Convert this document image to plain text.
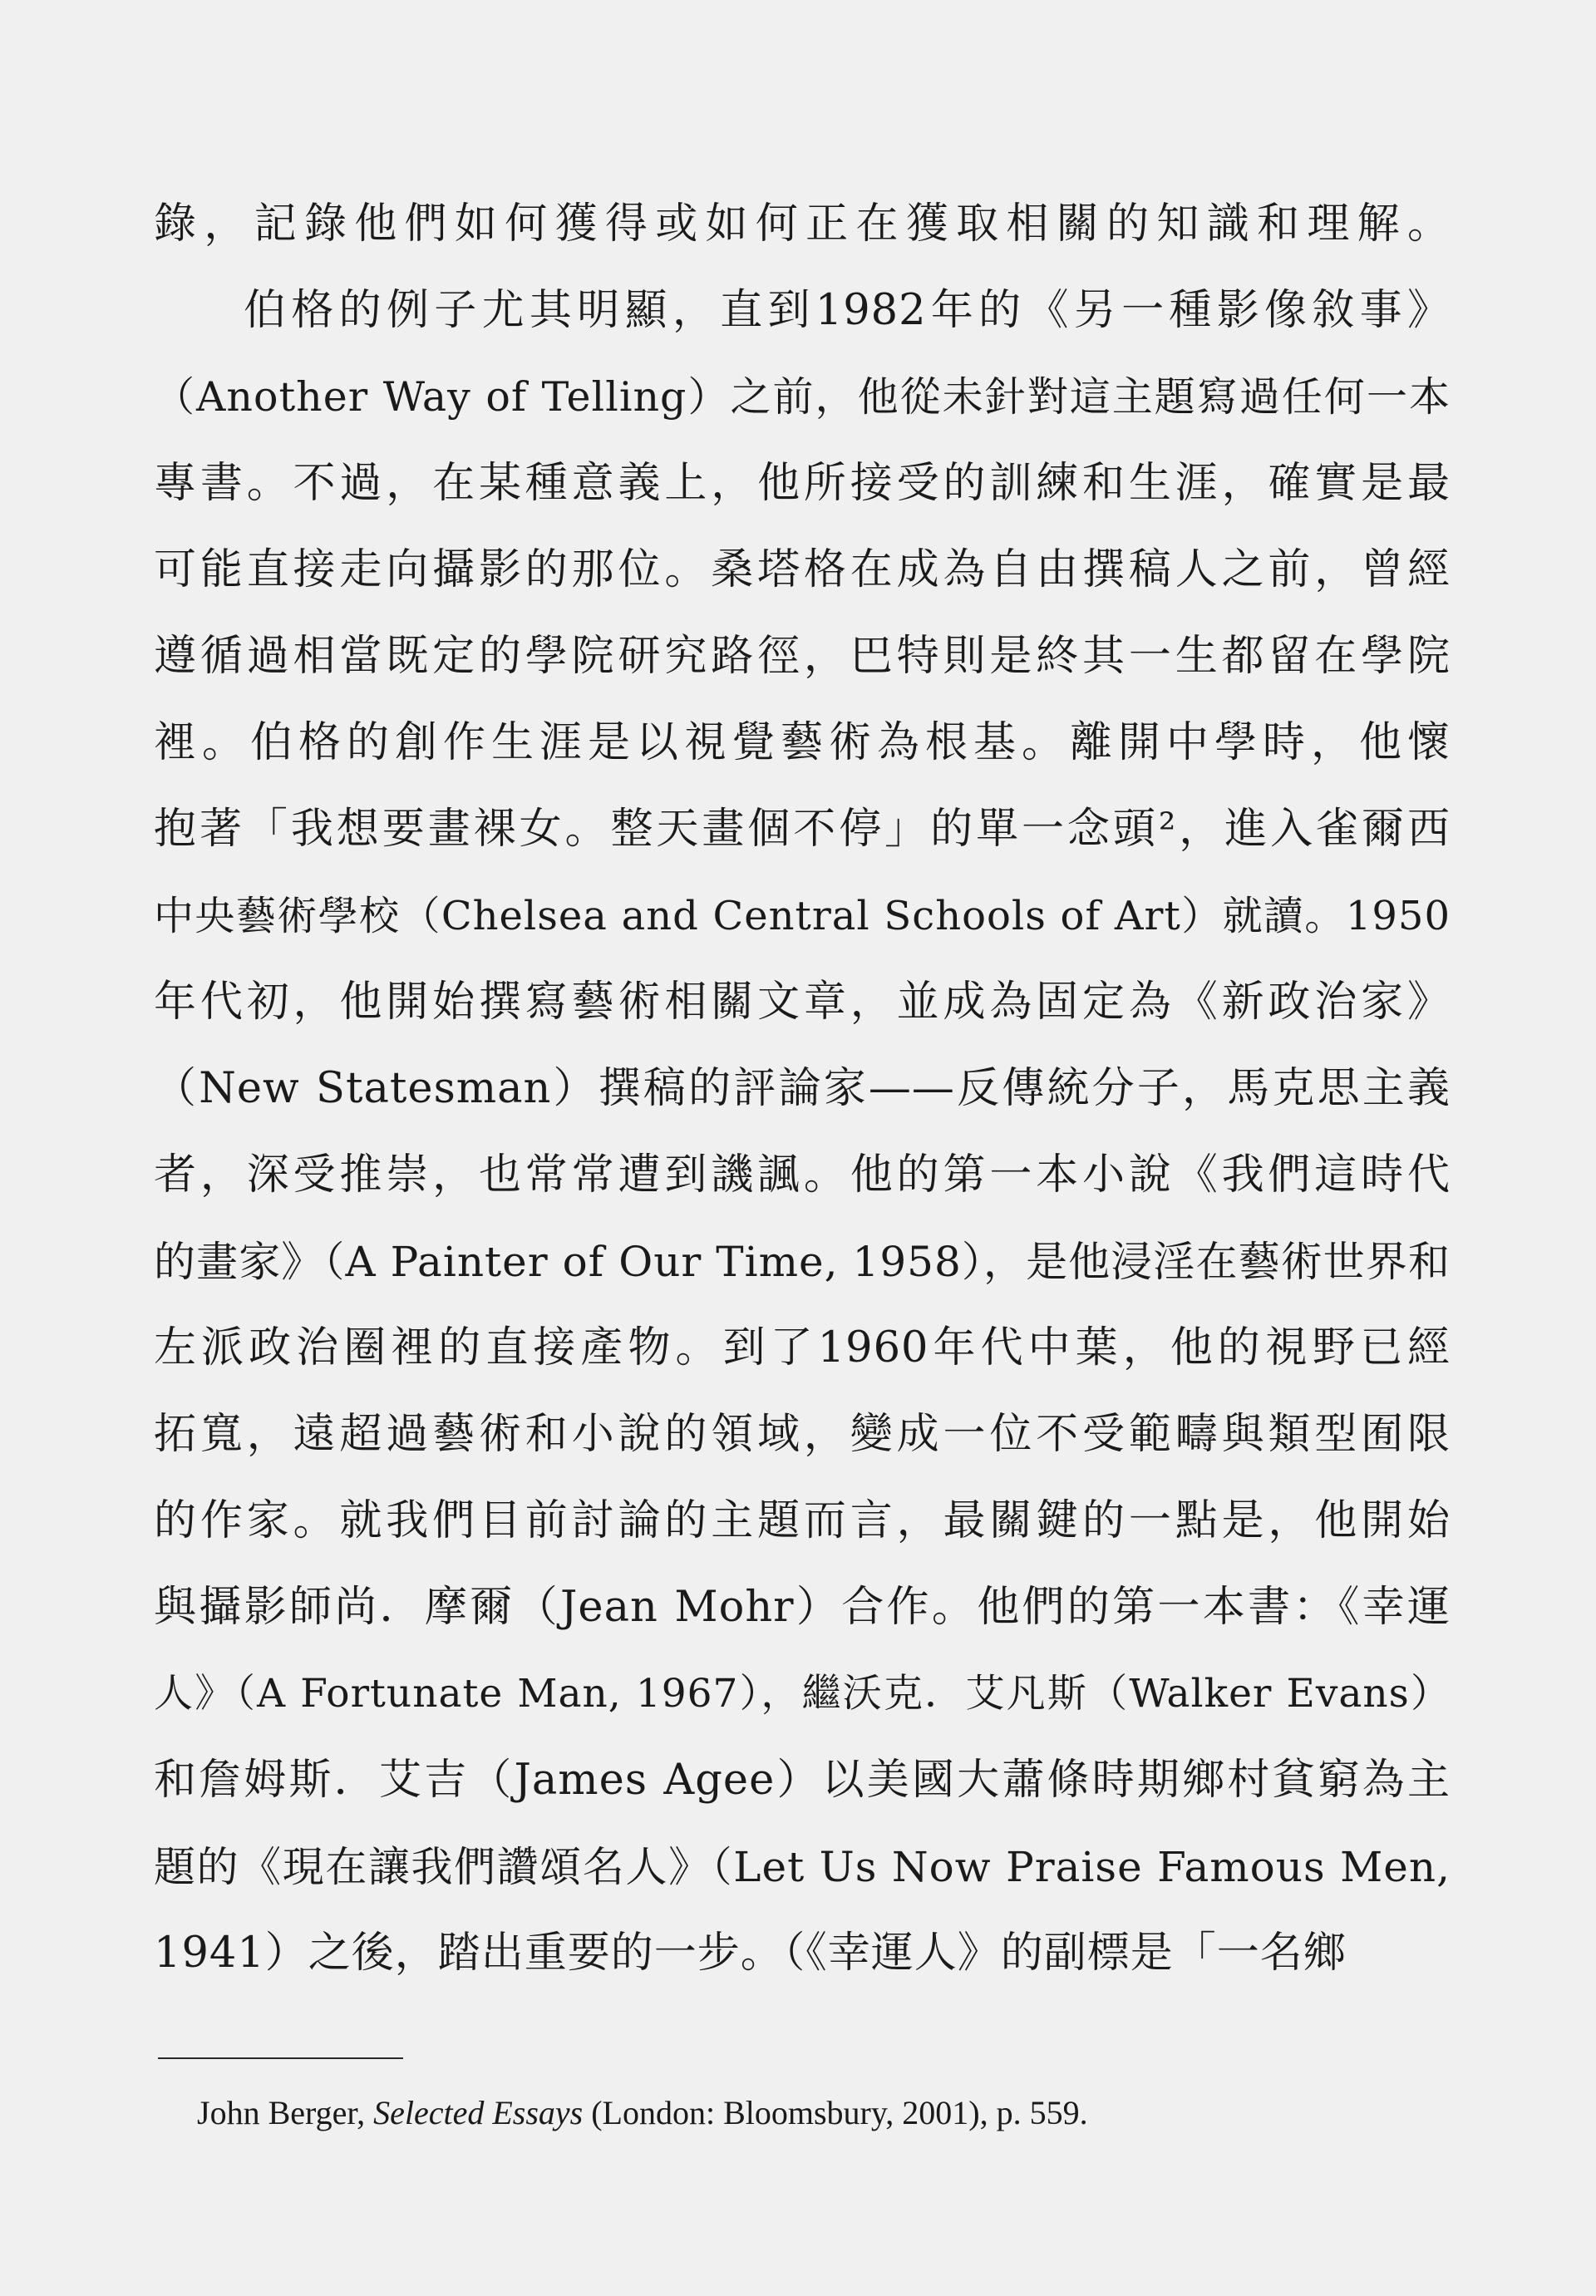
錄，記錄他們如何獲得或如何正在獲取相關的知識和理解。
伯格的例子尤其明顯，直到1982年的《另一種影像敘事》
（Another Way of Telling）之前，他從未針對這主題寫過任何一本
專書。不過，在某種意義上，他所接受的訓練和生涯，確實是最
可能直接走向攝影的那位。桑塔格在成為自由撰稿人之前，曾經
遵循過相當既定的學院研究路徑，巴特則是終其一生都留在學院
裡。伯格的創作生涯是以視覺藝術為根基。離開中學時，他懷
抱著「我想要畫裸女。整天畫個不停」的單一念頭²，進入雀爾西
中央藝術學校（Chelsea and Central Schools of Art）就讀。1950
年代初，他開始撰寫藝術相關文章，並成為固定為《新政治家》
（New Statesman）撰稿的評論家——反傳統分子，馬克思主義
者，深受推崇，也常常遭到譏諷。他的第一本小說《我們這時代
的畫家》（A Painter of Our Time, 1958），是他浸淫在藝術世界和
左派政治圈裡的直接產物。到了1960年代中葉，他的視野已經
拓寬，遠超過藝術和小說的領域，變成一位不受範疇與類型囿限
的作家。就我們目前討論的主題而言，最關鍵的一點是，他開始
與攝影師尚．摩爾（Jean Mohr）合作。他們的第一本書：《幸運
人》（A Fortunate Man, 1967），繼沃克．艾凡斯（Walker Evans）
和詹姆斯．艾吉（James Agee）以美國大蕭條時期鄉村貧窮為主
題的《現在讓我們讚頌名人》（Let Us Now Praise Famous Men,
1941）之後，踏出重要的一步。（《幸運人》的副標是「一名鄉
John Berger, Selected Essays (London: Bloomsbury, 2001), p. 559.
